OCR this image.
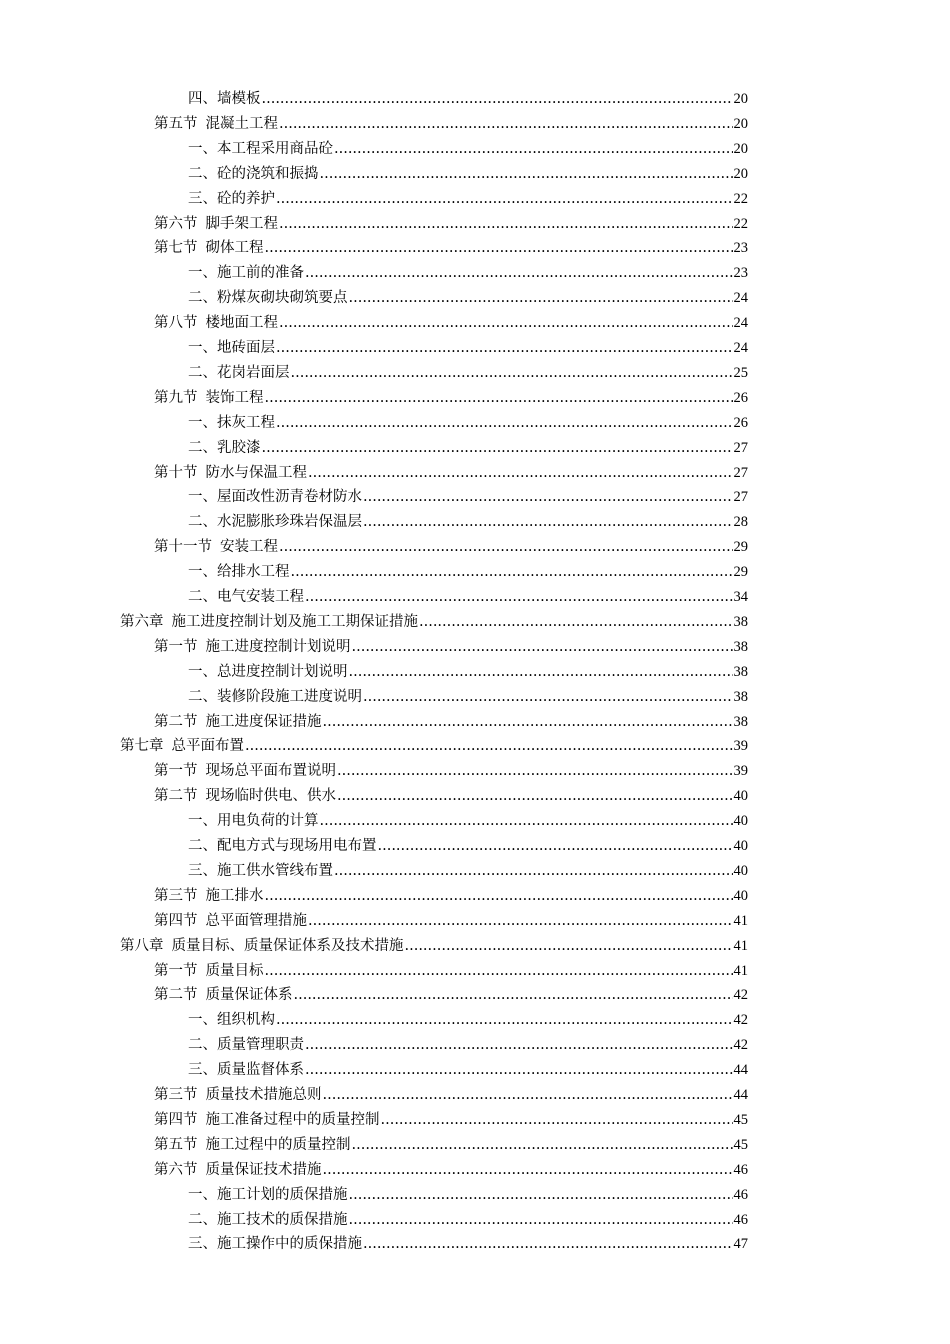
四、 墙模板 .....	20
第五节 混凝土工程 .....	20
一、 本工程采用商品砼 .....	20
二、 砼的浇筑和振捣 .....	20
三、 砼的养护 .....	22
第六节 脚手架工程 .....	22
第七节 砌体工程 .....	23
一、 施工前的准备 .....	23
二、 粉煤灰砌块砌筑要点 .....	24
第八节 楼地面工程 .....	24
一、 地砖面层 .....	24
二、 花岗岩面层 .....	25
第九节 装饰工程 .....	26
一、 抹灰工程 .....	26
二、 乳胶漆 .....	27
第十节 防水与保温工程 .....	27
一、 屋面改性沥青卷材防水 .....	27
二、 水泥膨胀珍珠岩保温层 .....	28
第十一节 安装工程 .....	29
一、 给排水工程 .....	29
二、 电气安装工程 .....	34
第六章 施工进度控制计划及施工工期保证措施 .....	38
第一节 施工进度控制计划说明 .....	38
一、 总进度控制计划说明 .....	38
二、 装修阶段施工进度说明 .....	38
第二节 施工进度保证措施 .....	38
第七章 总平面布置 .....	39
第一节 现场总平面布置说明 .....	39
第二节 现场临时供电、供水 .....	40
一、 用电负荷的计算 .....	40
二、 配电方式与现场用电布置 .....	40
三、 施工供水管线布置 .....	40
第三节 施工排水 .....	40
第四节 总平面管理措施 .....	41
第八章 质量目标、质量保证体系及技术措施 .....	41
第一节 质量目标 .....	41
第二节 质量保证体系 .....	42
一、 组织机构 .....	42
二、 质量管理职责 .....	42
三、 质量监督体系 .....	44
第三节 质量技术措施总则 .....	44
第四节 施工准备过程中的质量控制 .....	45
第五节 施工过程中的质量控制 .....	45
第六节 质量保证技术措施 .....	46
一、 施工计划的质保措施 .....	46
二、 施工技术的质保措施 .....	46
三、 施工操作中的质保措施 .....	47
